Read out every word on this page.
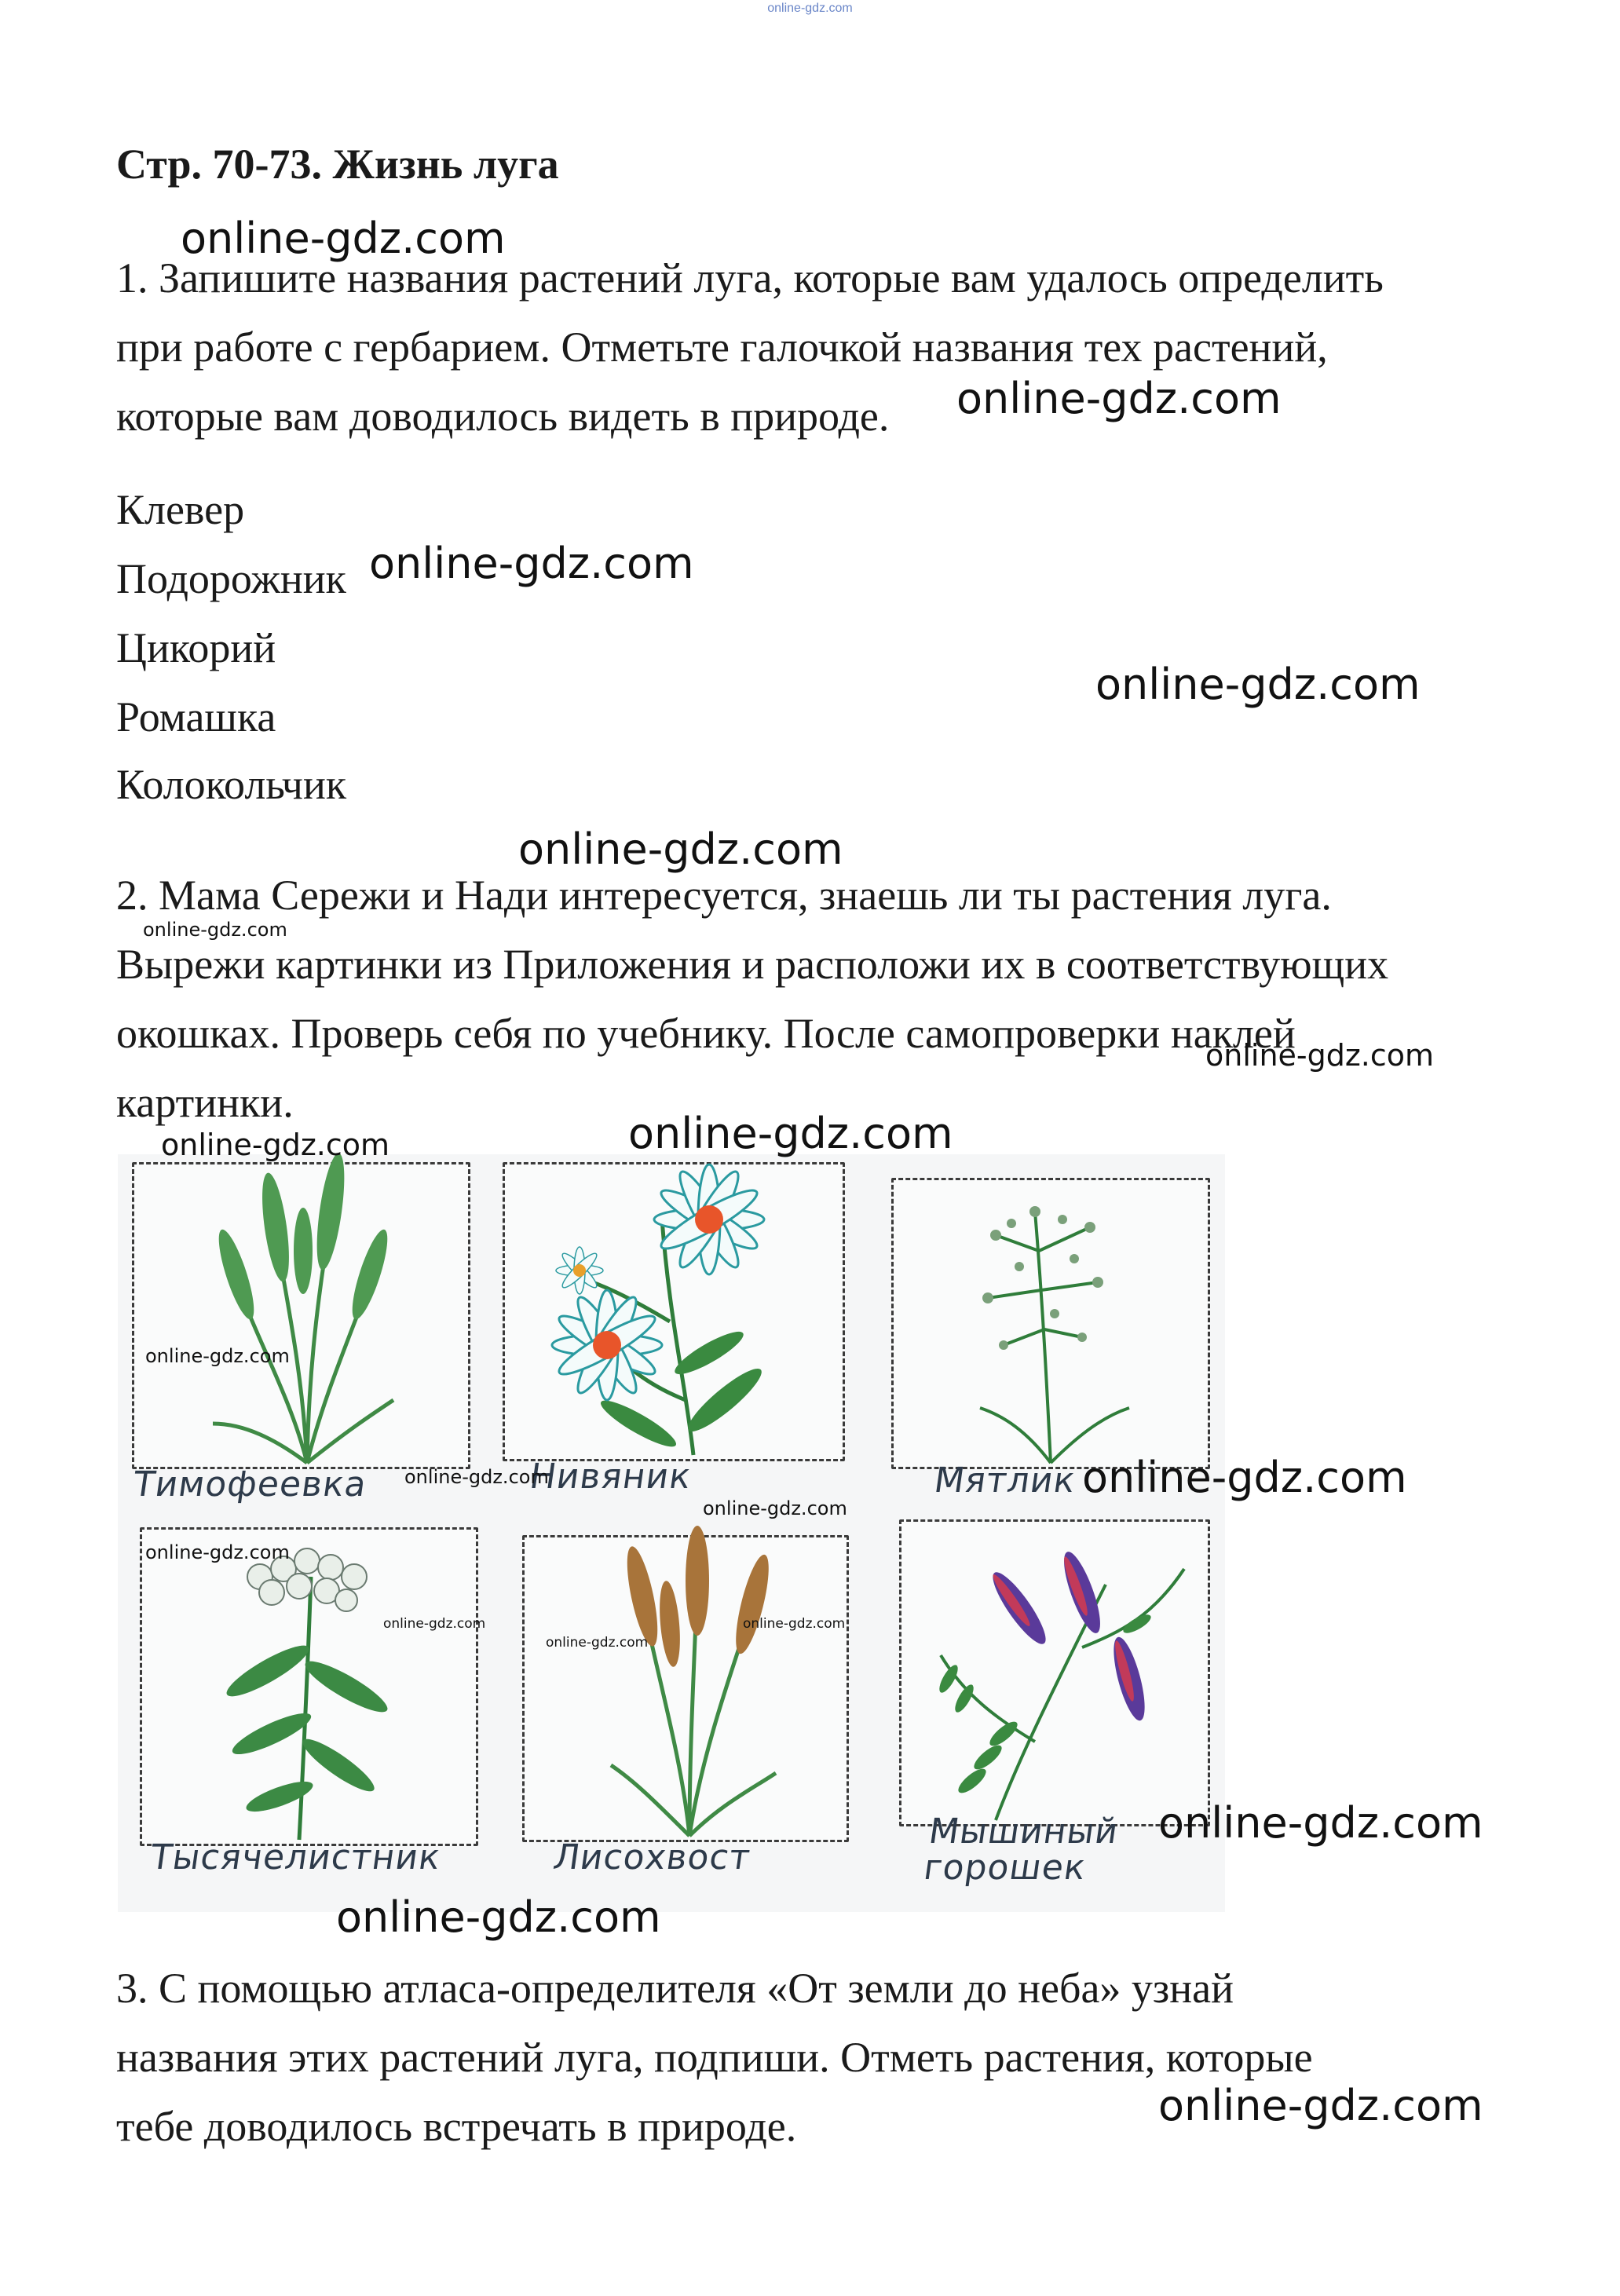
online-gdz.com
Стр. 70-73. Жизнь луга
1. Запишите названия растений луга, которые вам удалось определить
при работе с гербарием. Отметьте галочкой названия тех растений,
которые вам доводилось видеть в природе.
Клевер
Подорожник
Цикорий
Ромашка
Колокольчик
2. Мама Сережи и Нади интересуется, знаешь ли ты растения луга.
Вырежи картинки из Приложения и расположи их в соответствующих
окошках. Проверь себя по учебнику. После самопроверки наклей
картинки.
Тимофеевка	Нивяник	Мятлик
Тысячелистник	Лисохвост
Мышиный
горошек
online-gdz.com
online-gdz.com
online-gdz.com
online-gdz.com
online-gdz.com
online-gdz.com
online-gdz.com
3. С помощью атласа-определителя «От земли до неба» узнай
названия этих растений луга, подпиши. Отметь растения, которые
тебе доводилось встречать в природе.
online-gdz.com
online-gdz.com
online-gdz.com
online-gdz.com
online-gdz.com
online-gdz.com
online-gdz.com
online-gdz.com	online-gdz.com
online-gdz.com
online-gdz.com
online-gdz.com
online-gdz.com
